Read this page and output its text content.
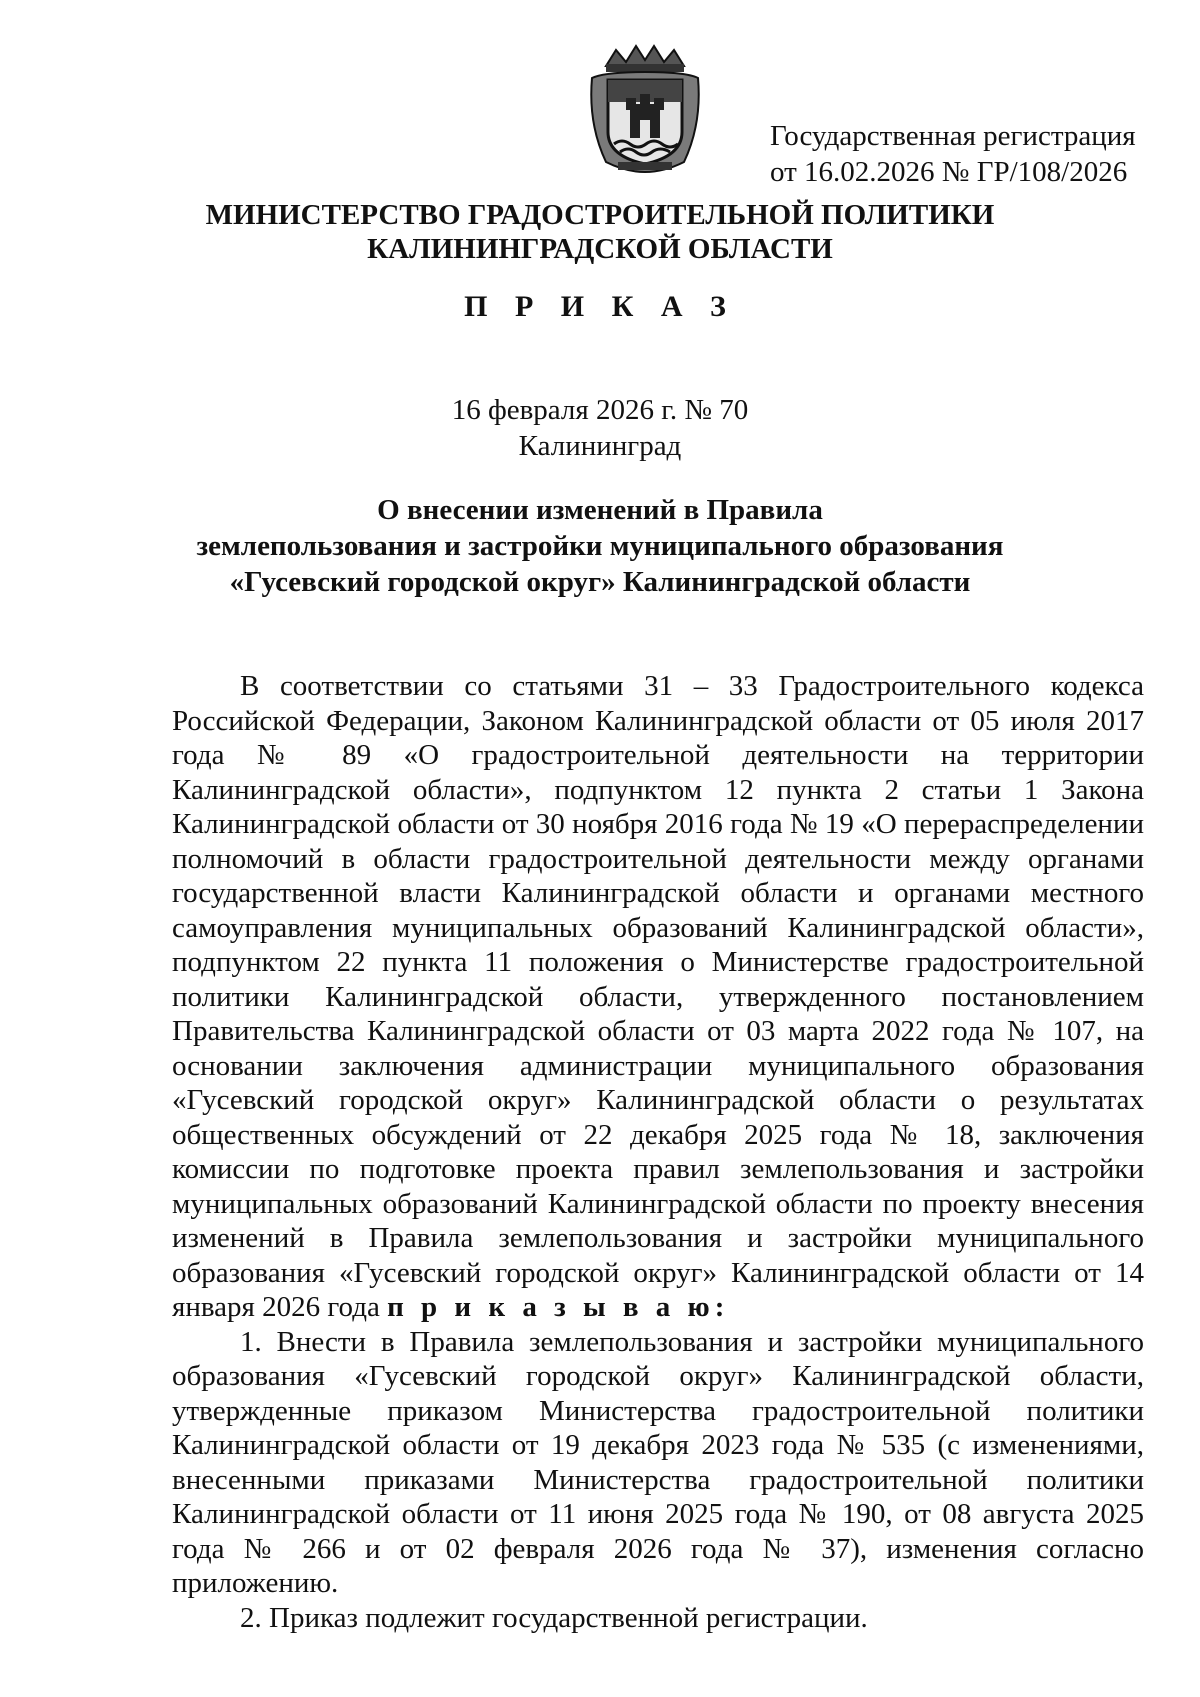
Государственная регистрация
от 16.02.2026 № ГР/108/2026
МИНИСТЕРСТВО ГРАДОСТРОИТЕЛЬНОЙ ПОЛИТИКИ
КАЛИНИНГРАДСКОЙ ОБЛАСТИ
П Р И К А З
16 февраля 2026 г. № 70
Калининград
О внесении изменений в Правила
землепользования и застройки муниципального образования
«Гусевский городской округ» Калининградской области

В соответствии со статьями 31 – 33 Градостроительного кодекса Российской Федерации, Законом Калининградской области от 05 июля 2017 года № 89 «О градостроительной деятельности на территории Калининградской области», подпунктом 12 пункта 2 статьи 1 Закона Калининградской области от 30 ноября 2016 года № 19 «О перераспределении полномочий в области градостроительной деятельности между органами государственной власти Калининградской области и органами местного самоуправления муниципальных образований Калининградской области», подпунктом 22 пункта 11 положения о Министерстве градостроительной политики Калининградской области, утвержденного постановлением Правительства Калининградской области от 03 марта 2022 года № 107, на основании заключения администрации муниципального образования «Гусевский городской округ» Калининградской области о результатах общественных обсуждений от 22 декабря 2025 года № 18, заключения комиссии по подготовке проекта правил землепользования и застройки муниципальных образований Калининградской области по проекту внесения изменений в Правила землепользования и застройки муниципального образования «Гусевский городской округ» Калининградской области от 14 января 2026 года п р и к а з ы в а ю:

1. Внести в Правила землепользования и застройки муниципального образования «Гусевский городской округ» Калининградской области, утвержденные приказом Министерства градостроительной политики Калининградской области от 19 декабря 2023 года № 535 (с изменениями, внесенными приказами Министерства градостроительной политики Калининградской области от 11 июня 2025 года № 190, от 08 августа 2025 года № 266 и от 02 февраля 2026 года № 37), изменения согласно приложению.

2. Приказ подлежит государственной регистрации.
